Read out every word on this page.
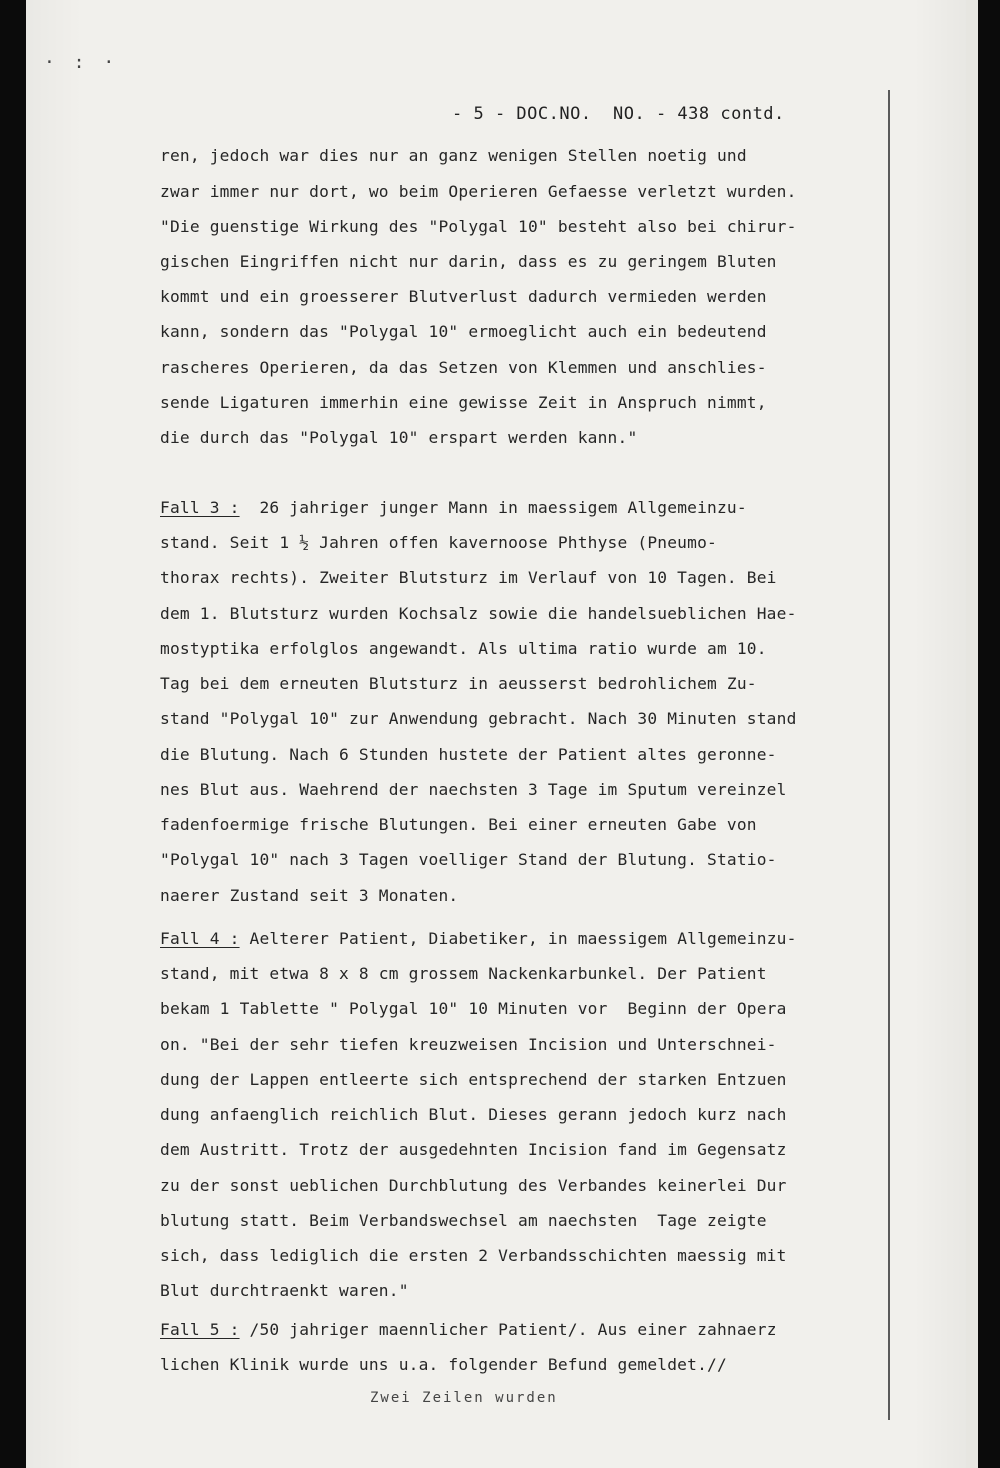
· : ·
- 5 - DOC.NO.  NO. - 438 contd.
ren, jedoch war dies nur an ganz wenigen Stellen noetig und
zwar immer nur dort, wo beim Operieren Gefaesse verletzt wurden.
"Die guenstige Wirkung des "Polygal 10" besteht also bei chirur-
gischen Eingriffen nicht nur darin, dass es zu geringem Bluten
kommt und ein groesserer Blutverlust dadurch vermieden werden
kann, sondern das "Polygal 10" ermoeglicht auch ein bedeutend
rascheres Operieren, da das Setzen von Klemmen und anschlies-
sende Ligaturen immerhin eine gewisse Zeit in Anspruch nimmt,
die durch das "Polygal 10" erspart werden kann."
Fall 3 :  26 jahriger junger Mann in maessigem Allgemeinzu-
stand. Seit 1 ½ Jahren offen kavernoose Phthyse (Pneumo-
thorax rechts). Zweiter Blutsturz im Verlauf von 10 Tagen. Bei
dem 1. Blutsturz wurden Kochsalz sowie die handelsueblichen Hae-
mostyptika erfolglos angewandt. Als ultima ratio wurde am 10.
Tag bei dem erneuten Blutsturz in aeusserst bedrohlichem Zu-
stand "Polygal 10" zur Anwendung gebracht. Nach 30 Minuten stand
die Blutung. Nach 6 Stunden hustete der Patient altes geronne-
nes Blut aus. Waehrend der naechsten 3 Tage im Sputum vereinzel
fadenfoermige frische Blutungen. Bei einer erneuten Gabe von
"Polygal 10" nach 3 Tagen voelliger Stand der Blutung. Statio-
naerer Zustand seit 3 Monaten.
Fall 4 : Aelterer Patient, Diabetiker, in maessigem Allgemeinzu-
stand, mit etwa 8 x 8 cm grossem Nackenkarbunkel. Der Patient
bekam 1 Tablette " Polygal 10" 10 Minuten vor  Beginn der Opera
on. "Bei der sehr tiefen kreuzweisen Incision und Unterschnei-
dung der Lappen entleerte sich entsprechend der starken Entzuen
dung anfaenglich reichlich Blut. Dieses gerann jedoch kurz nach
dem Austritt. Trotz der ausgedehnten Incision fand im Gegensatz
zu der sonst ueblichen Durchblutung des Verbandes keinerlei Dur
blutung statt. Beim Verbandswechsel am naechsten  Tage zeigte
sich, dass lediglich die ersten 2 Verbandsschichten maessig mit
Blut durchtraenkt waren."
Fall 5 : /50 jahriger maennlicher Patient/. Aus einer zahnaerz
lichen Klinik wurde uns u.a. folgender Befund gemeldet.//
Zwei Zeilen wurden
